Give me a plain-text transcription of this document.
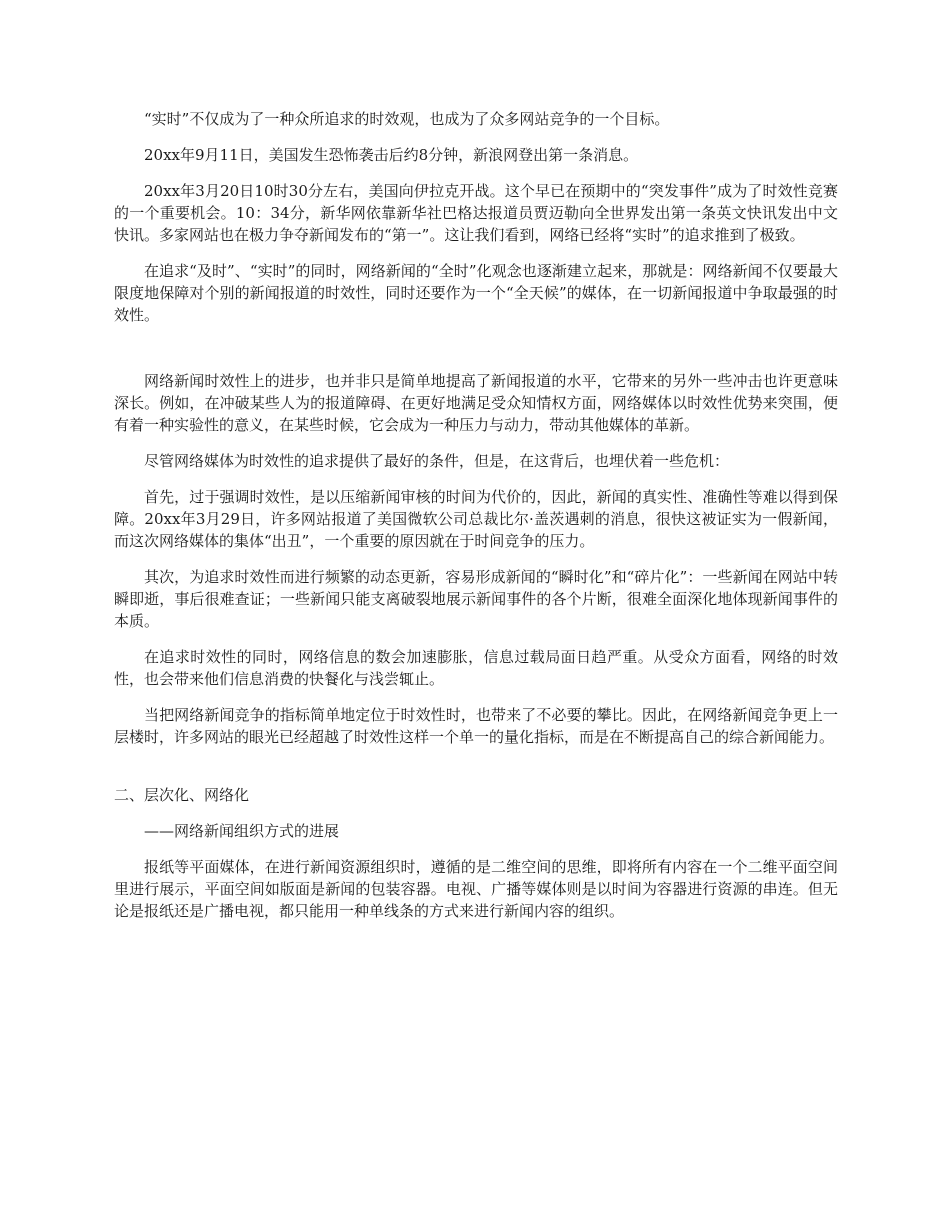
“实时”不仅成为了一种众所追求的时效观，也成为了众多网站竞争的一个目标。

20xx年9月11日，美国发生恐怖袭击后约8分钟，新浪网登出第一条消息。

20xx年3月20日10时30分左右，美国向伊拉克开战。这个早已在预期中的“突发事件”成为了时效性竞赛的一个重要机会。10：34分，新华网依靠新华社巴格达报道员贾迈勒向全世界发出第一条英文快讯发出中文快讯。多家网站也在极力争夺新闻发布的“第一”。这让我们看到，网络已经将“实时”的追求推到了极致。

在追求“及时”、“实时”的同时，网络新闻的“全时”化观念也逐渐建立起来，那就是：网络新闻不仅要最大限度地保障对个别的新闻报道的时效性，同时还要作为一个“全天候”的媒体，在一切新闻报道中争取最强的时效性。

网络新闻时效性上的进步，也并非只是简单地提高了新闻报道的水平，它带来的另外一些冲击也许更意味深长。例如，在冲破某些人为的报道障碍、在更好地满足受众知情权方面，网络媒体以时效性优势来突围，便有着一种实验性的意义，在某些时候，它会成为一种压力与动力，带动其他媒体的革新。

尽管网络媒体为时效性的追求提供了最好的条件，但是，在这背后，也埋伏着一些危机：

首先，过于强调时效性，是以压缩新闻审核的时间为代价的，因此，新闻的真实性、准确性等难以得到保障。20xx年3月29日，许多网站报道了美国微软公司总裁比尔·盖茨遇刺的消息，很快这被证实为一假新闻，而这次网络媒体的集体“出丑”，一个重要的原因就在于时间竞争的压力。

其次，为追求时效性而进行频繁的动态更新，容易形成新闻的“瞬时化”和“碎片化”：一些新闻在网站中转瞬即逝，事后很难查证；一些新闻只能支离破裂地展示新闻事件的各个片断，很难全面深化地体现新闻事件的本质。

在追求时效性的同时，网络信息的数会加速膨胀，信息过载局面日趋严重。从受众方面看，网络的时效性，也会带来他们信息消费的快餐化与浅尝辄止。

当把网络新闻竞争的指标简单地定位于时效性时，也带来了不必要的攀比。因此，在网络新闻竞争更上一层楼时，许多网站的眼光已经超越了时效性这样一个单一的量化指标，而是在不断提高自己的综合新闻能力。

二、层次化、网络化

——网络新闻组织方式的进展

报纸等平面媒体，在进行新闻资源组织时，遵循的是二维空间的思维，即将所有内容在一个二维平面空间里进行展示，平面空间如版面是新闻的包装容器。电视、广播等媒体则是以时间为容器进行资源的串连。但无论是报纸还是广播电视，都只能用一种单线条的方式来进行新闻内容的组织。
